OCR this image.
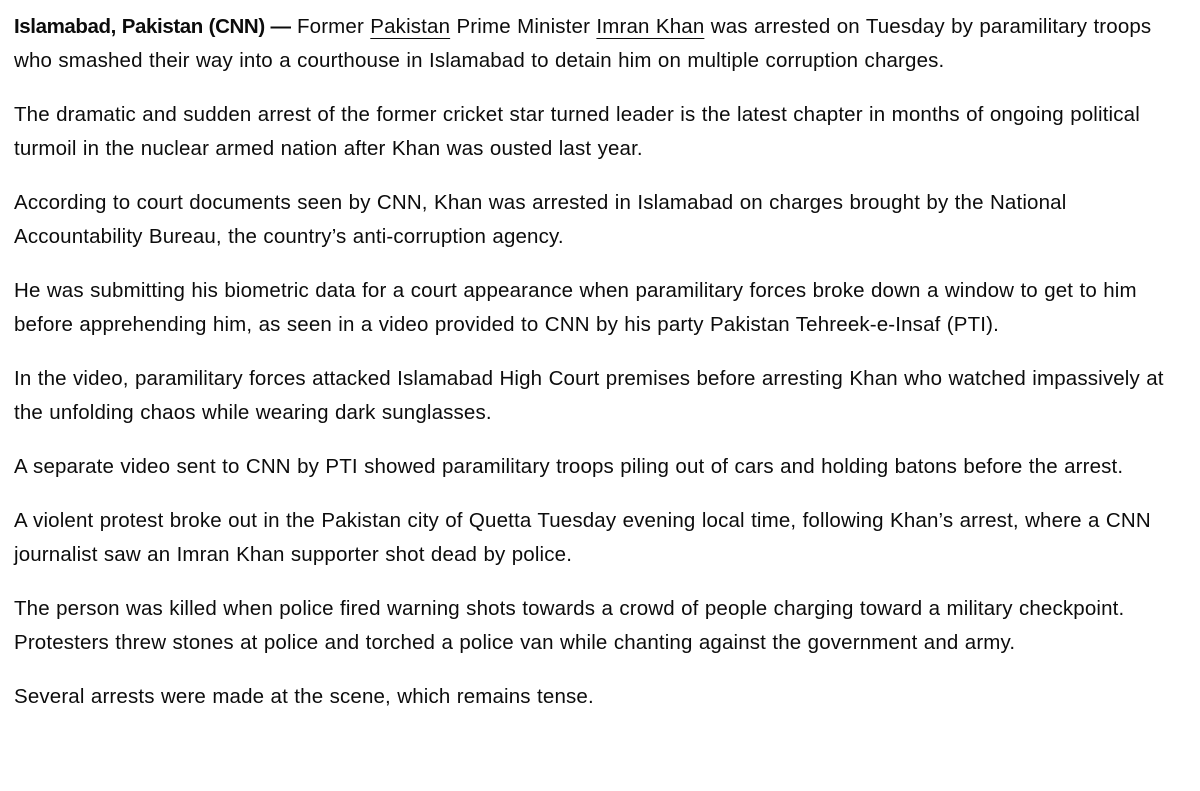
Islamabad, Pakistan (CNN) — Former Pakistan Prime Minister Imran Khan was arrested on Tuesday by paramilitary troops who smashed their way into a courthouse in Islamabad to detain him on multiple corruption charges.

The dramatic and sudden arrest of the former cricket star turned leader is the latest chapter in months of ongoing political turmoil in the nuclear armed nation after Khan was ousted last year.

According to court documents seen by CNN, Khan was arrested in Islamabad on charges brought by the National Accountability Bureau, the country’s anti-corruption agency.

He was submitting his biometric data for a court appearance when paramilitary forces broke down a window to get to him before apprehending him, as seen in a video provided to CNN by his party Pakistan Tehreek-e-Insaf (PTI).

In the video, paramilitary forces attacked Islamabad High Court premises before arresting Khan who watched impassively at the unfolding chaos while wearing dark sunglasses.

A separate video sent to CNN by PTI showed paramilitary troops piling out of cars and holding batons before the arrest.

A violent protest broke out in the Pakistan city of Quetta Tuesday evening local time, following Khan’s arrest, where a CNN journalist saw an Imran Khan supporter shot dead by police.

The person was killed when police fired warning shots towards a crowd of people charging toward a military checkpoint. Protesters threw stones at police and torched a police van while chanting against the government and army.

Several arrests were made at the scene, which remains tense.
